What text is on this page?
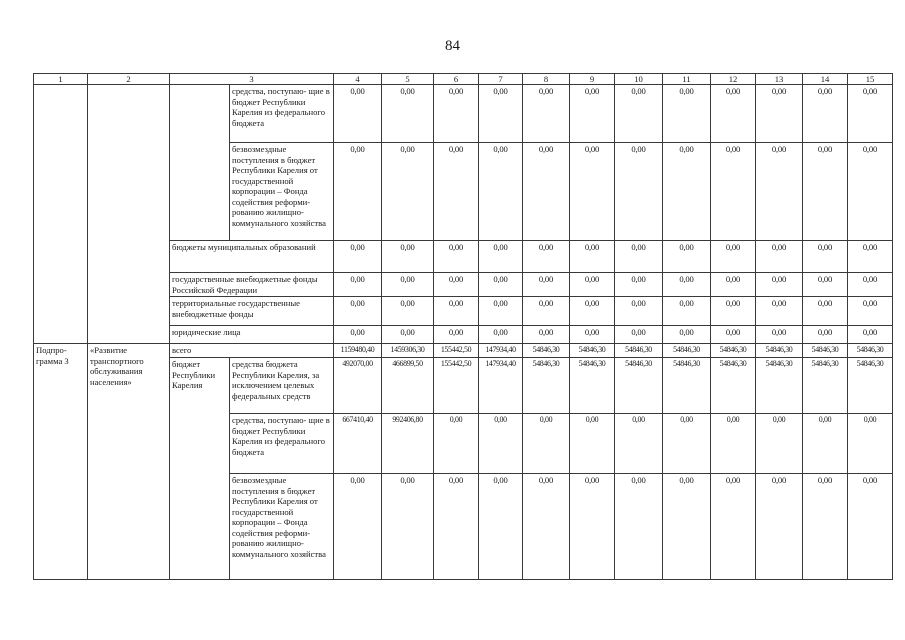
84
1	2	3		4	5	6	7	8	9	10	11	12	13	14	15
			средства, поступаю- щие в бюджет Республики Карелия из федерального бюджета	0,00	0,00	0,00	0,00	0,00	0,00	0,00	0,00	0,00	0,00	0,00	0,00
			безвозмездные поступления в бюджет Республики Карелия от государственной корпорации – Фонда содействия реформи- рованию жилищно- коммунального хозяйства	0,00	0,00	0,00	0,00	0,00	0,00	0,00	0,00	0,00	0,00	0,00	0,00
		бюджеты муниципальных образований		0,00	0,00	0,00	0,00	0,00	0,00	0,00	0,00	0,00	0,00	0,00	0,00
		государственные внебюджетные фонды Российской Федерации		0,00	0,00	0,00	0,00	0,00	0,00	0,00	0,00	0,00	0,00	0,00	0,00
		территориальные государственные внебюджетные фонды		0,00	0,00	0,00	0,00	0,00	0,00	0,00	0,00	0,00	0,00	0,00	0,00
		юридические лица		0,00	0,00	0,00	0,00	0,00	0,00	0,00	0,00	0,00	0,00	0,00	0,00
Подпро- грамма 3	«Развитие транспортного обслуживания населения»	всего		1159480,40	1459306,30	155442,50	147934,40	54846,30	54846,30	54846,30	54846,30	54846,30	54846,30	54846,30	54846,30
		бюджет Республики Карелия	средства бюджета Республики Карелия, за исключением целевых федеральных средств	492070,00	466899,50	155442,50	147934,40	54846,30	54846,30	54846,30	54846,30	54846,30	54846,30	54846,30	54846,30
			средства, поступаю- щие в бюджет Республики Карелия из федерального бюджета	667410,40	992406,80	0,00	0,00	0,00	0,00	0,00	0,00	0,00	0,00	0,00	0,00
			безвозмездные поступления в бюджет Республики Карелия от государственной корпорации – Фонда содействия реформи- рованию жилищно- коммунального хозяйства	0,00	0,00	0,00	0,00	0,00	0,00	0,00	0,00	0,00	0,00	0,00	0,00
